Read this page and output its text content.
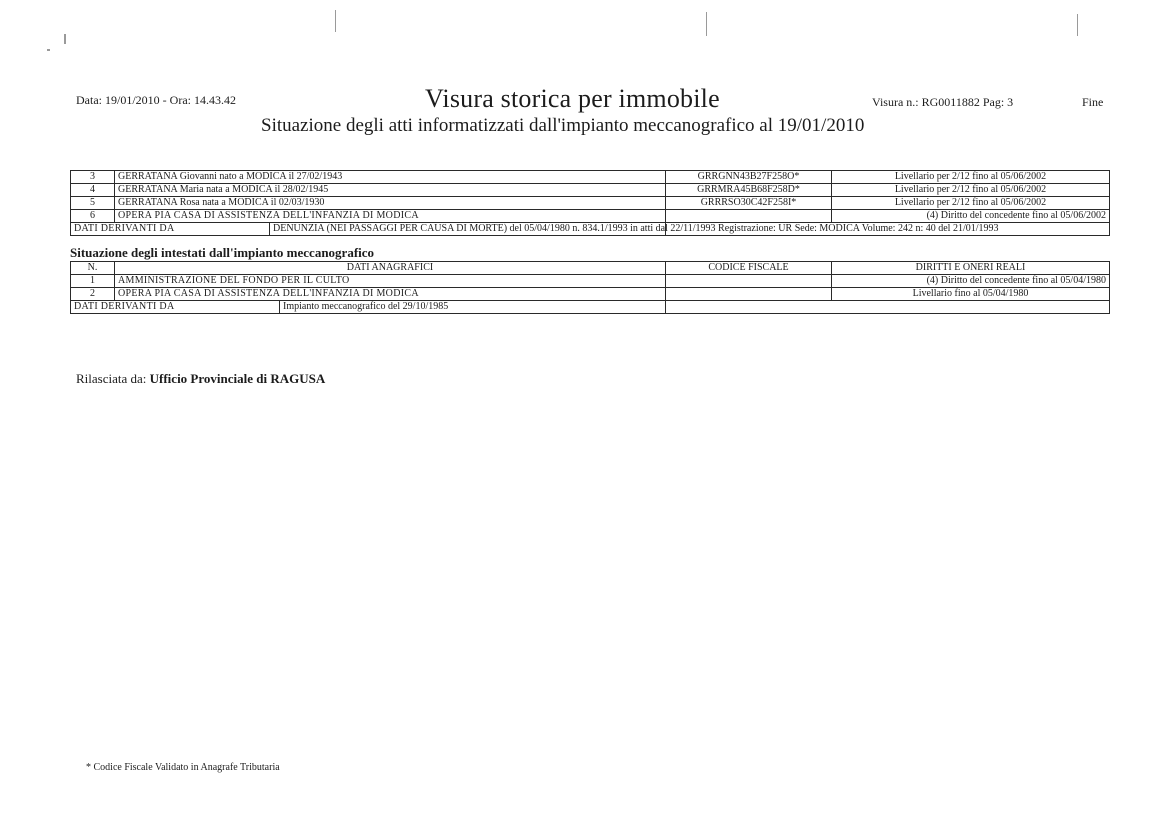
Data: 19/01/2010 - Ora: 14.43.42	Visura storica per immobile	Visura n.: RG0011882 Pag: 3	Fine
Situazione degli atti informatizzati dall'impianto meccanografico al 19/01/2010
3	GERRATANA Giovanni nato a MODICA il 27/02/1943	GRRGNN43B27F258O*	Livellario per 2/12 fino al 05/06/2002
4	GERRATANA Maria nata a MODICA il 28/02/1945	GRRMRA45B68F258D*	Livellario per 2/12 fino al 05/06/2002
5	GERRATANA Rosa nata a MODICA il 02/03/1930	GRRRSO30C42F258I*	Livellario per 2/12 fino al 05/06/2002
6	OPERA PIA CASA DI ASSISTENZA DELL'INFANZIA DI MODICA		(4) Diritto del concedente fino al 05/06/2002
DATI DERIVANTI DA DENUNZIA (NEI PASSAGGI PER CAUSA DI MORTE) del 05/04/1980 n. 834.1/1993 in atti dal 22/11/1993 Registrazione: UR Sede: MODICA Volume: 242 n: 40 del 21/01/1993			
Situazione degli intestati dall'impianto meccanografico
N.	DATI ANAGRAFICI	CODICE FISCALE	DIRITTI E ONERI REALI
1	AMMINISTRAZIONE DEL FONDO PER IL CULTO		(4) Diritto del concedente fino al 05/04/1980
2	OPERA PIA CASA DI ASSISTENZA DELL'INFANZIA DI MODICA		Livellario fino al 05/04/1980
DATI DERIVANTI DA Impianto meccanografico del 29/10/1985			
Rilasciata da: Ufficio Provinciale di RAGUSA
* Codice Fiscale Validato in Anagrafe Tributaria
